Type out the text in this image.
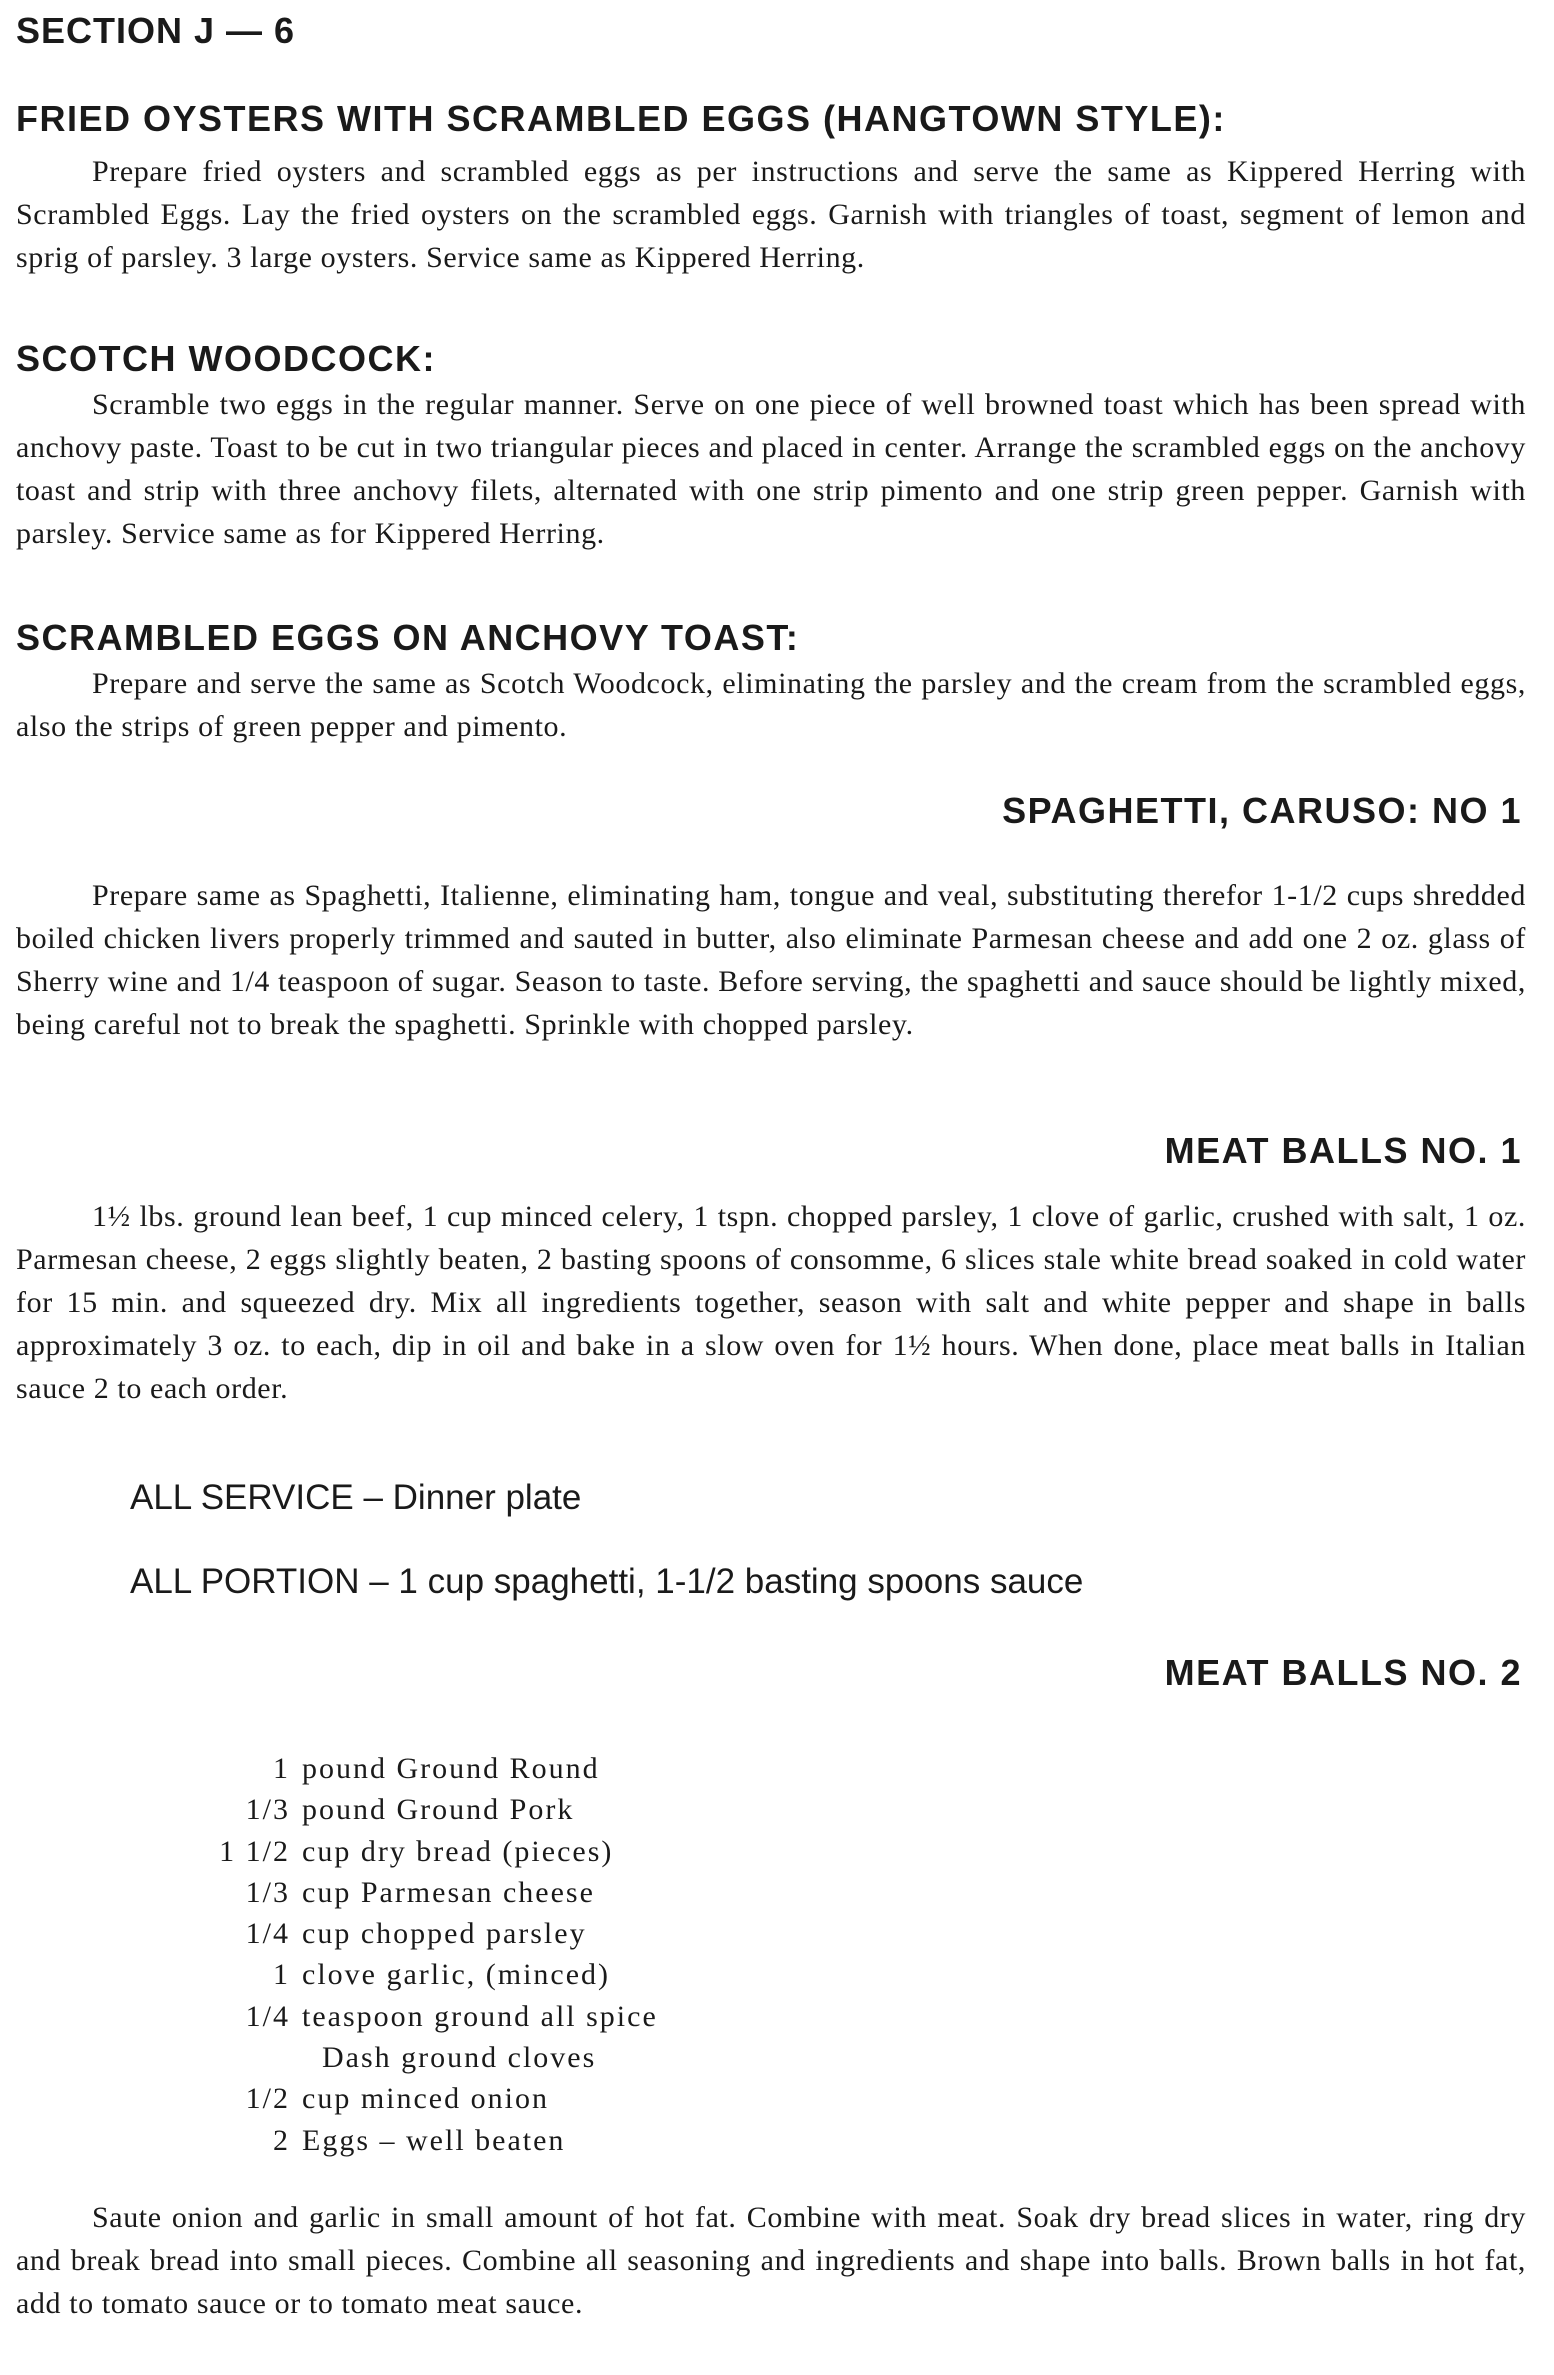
SECTION J — 6
FRIED OYSTERS WITH SCRAMBLED EGGS (HANGTOWN STYLE):
Prepare fried oysters and scrambled eggs as per instructions and serve the same as Kippered Herring with Scrambled Eggs. Lay the fried oysters on the scrambled eggs. Garnish with triangles of toast, segment of lemon and sprig of parsley. 3 large oysters. Service same as Kippered Herring.
SCOTCH WOODCOCK:
Scramble two eggs in the regular manner. Serve on one piece of well browned toast which has been spread with anchovy paste. Toast to be cut in two triangular pieces and placed in center. Arrange the scrambled eggs on the anchovy toast and strip with three anchovy filets, alternated with one strip pimento and one strip green pepper. Garnish with parsley. Service same as for Kippered Herring.
SCRAMBLED EGGS ON ANCHOVY TOAST:
Prepare and serve the same as Scotch Woodcock, eliminating the parsley and the cream from the scrambled eggs, also the strips of green pepper and pimento.
SPAGHETTI, CARUSO: NO 1
Prepare same as Spaghetti, Italienne, eliminating ham, tongue and veal, substituting therefor 1-1/2 cups shredded boiled chicken livers properly trimmed and sauted in butter, also eliminate Parmesan cheese and add one 2 oz. glass of Sherry wine and 1/4 teaspoon of sugar. Season to taste. Before serving, the spaghetti and sauce should be lightly mixed, being careful not to break the spaghetti. Sprinkle with chopped parsley.
MEAT BALLS NO. 1
1½ lbs. ground lean beef, 1 cup minced celery, 1 tspn. chopped parsley, 1 clove of garlic, crushed with salt, 1 oz. Parmesan cheese, 2 eggs slightly beaten, 2 basting spoons of consomme, 6 slices stale white bread soaked in cold water for 15 min. and squeezed dry. Mix all ingredients together, season with salt and white pepper and shape in balls approximately 3 oz. to each, dip in oil and bake in a slow oven for 1½ hours. When done, place meat balls in Italian sauce 2 to each order.
ALL SERVICE – Dinner plate
ALL PORTION – 1 cup spaghetti, 1-1/2 basting spoons sauce
MEAT BALLS NO. 2
1 pound Ground Round
1/3 pound Ground Pork
1 1/2 cup dry bread (pieces)
1/3 cup Parmesan cheese
1/4 cup chopped parsley
1 clove garlic, (minced)
1/4 teaspoon ground all spice
Dash ground cloves
1/2 cup minced onion
2 Eggs – well beaten
Saute onion and garlic in small amount of hot fat. Combine with meat. Soak dry bread slices in water, ring dry and break bread into small pieces. Combine all seasoning and ingredients and shape into balls. Brown balls in hot fat, add to tomato sauce or to tomato meat sauce.
